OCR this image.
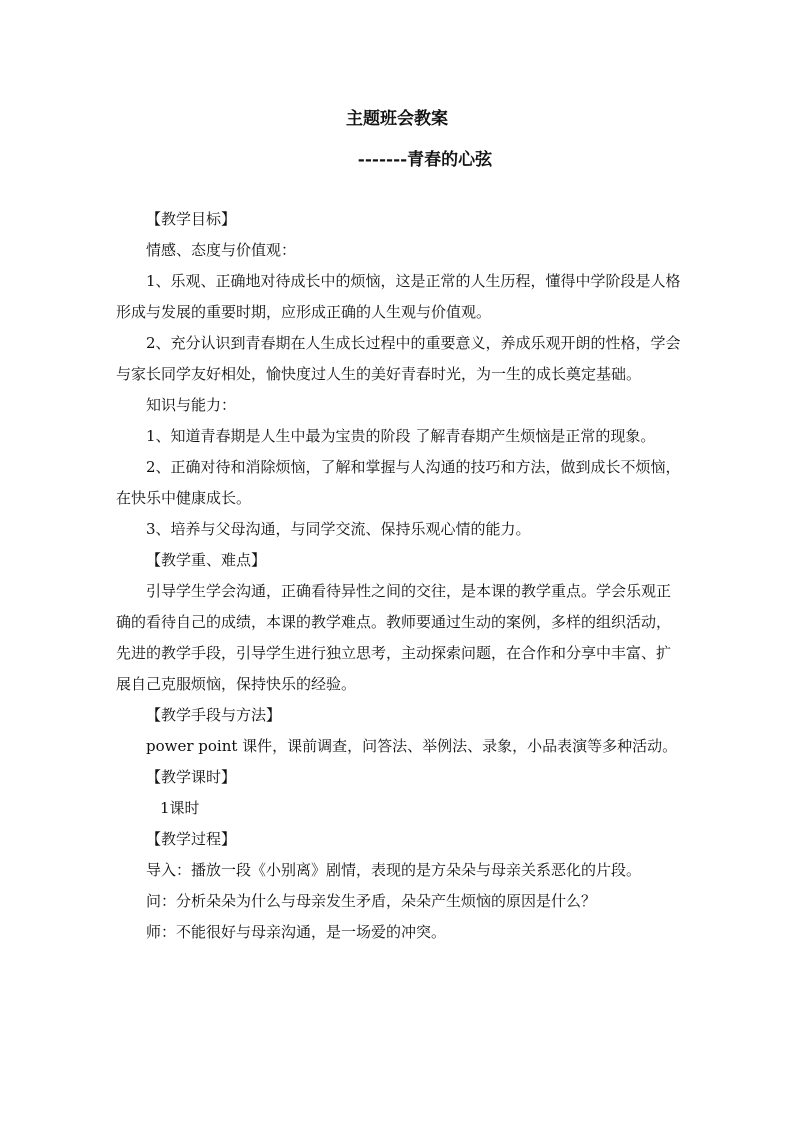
主题班会教案
-------青春的心弦

【教学目标】

情感、态度与价值观：

1、乐观、正确地对待成长中的烦恼，这是正常的人生历程，懂得中学阶段是人格形成与发展的重要时期，应形成正确的人生观与价值观。

2、充分认识到青春期在人生成长过程中的重要意义，养成乐观开朗的性格，学会与家长同学友好相处，愉快度过人生的美好青春时光，为一生的成长奠定基础。

知识与能力：

1、知道青春期是人生中最为宝贵的阶段 了解青春期产生烦恼是正常的现象。

2、正确对待和消除烦恼，了解和掌握与人沟通的技巧和方法，做到成长不烦恼，在快乐中健康成长。

3、培养与父母沟通，与同学交流、保持乐观心情的能力。

【教学重、难点】

引导学生学会沟通，正确看待异性之间的交往，是本课的教学重点。学会乐观正确的看待自己的成绩，本课的教学难点。教师要通过生动的案例，多样的组织活动，先进的教学手段，引导学生进行独立思考，主动探索问题，在合作和分享中丰富、扩展自己克服烦恼，保持快乐的经验。

【教学手段与方法】

power point 课件，课前调查，问答法、举例法、录象，小品表演等多种活动。

【教学课时】

1课时

【教学过程】

导入：播放一段《小别离》剧情，表现的是方朵朵与母亲关系恶化的片段。

问：分析朵朵为什么与母亲发生矛盾，朵朵产生烦恼的原因是什么？

师：不能很好与母亲沟通，是一场爱的冲突。
